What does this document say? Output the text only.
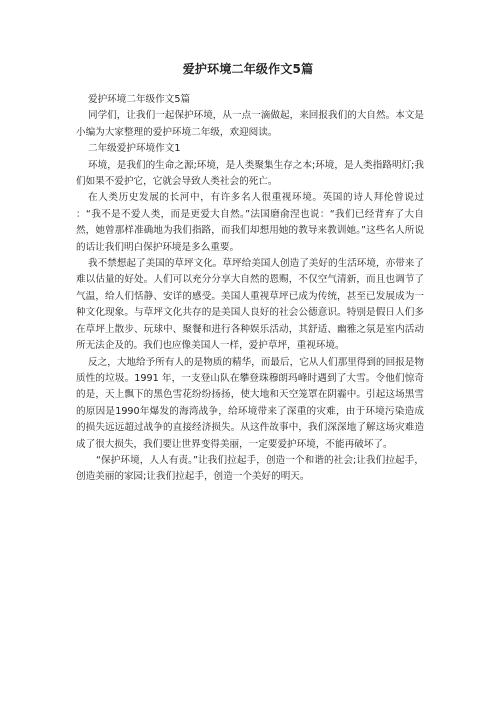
爱护环境二年级作文5篇

爱护环境二年级作文5篇

同学们，让我们一起保护环境，从一点一滴做起，来回报我们的大自然。本文是小编为大家整理的爱护环境二年级，欢迎阅读。

二年级爱护环境作文1

环境，是我们的生命之源;环境，是人类聚集生存之本;环境，是人类指路明灯;我们如果不爱护它，它就会导致人类社会的死亡。

在人类历史发展的长河中，有许多名人很重视环境。英国的诗人拜伦曾说过 ：“我不是不爱人类，而是更爱大自然。”法国磨俞涅也说：“我们已经背弃了大自然，她曾那样准确地为我们指路，而我们却想用她的教导来教训她。”这些名人所说的话让我们明白保护环境是多么重要。

我不禁想起了美国的草坪文化。草坪给美国人创造了美好的生活环境，亦带来了难以估量的好处。人们可以充分分享大自然的恩赐，不仅空气清新，而且也调节了气温，给人们恬静、安详的感受。美国人重视草坪已成为传统，甚至已发展成为一种文化现象。与草坪文化共存的是美国人良好的社会公德意识。特别是假日人们多在草坪上散步、玩球中、聚餐和进行各种娱乐活动，其舒适、幽雅之氛是室内活动所无法企及的。我们也应像美国人一样，爱护草坪，重视环境。

反之，大地给予所有人的是物质的精华，而最后，它从人们那里得到的回报是物质性的垃圾。1991 年，一支登山队在攀登珠穆朗玛峰时遇到了大雪。令他们惊奇的是，天上飘下的黑色雪花纷纷扬扬，使大地和天空笼罩在阴霾中。引起这场黑雪的原因是1990年爆发的海湾战争，给环境带来了深重的灾难，由于环境污染造成的损失远远超过战争的直接经济损失。从这件故事中，我们深深地了解这场灾难造成了很大损失，我们要让世界变得美丽，一定要爱护环境，不能再破坏了。

“保护环境，人人有责。”让我们拉起手，创造一个和谐的社会;让我们拉起手，创造美丽的家园;让我们拉起手，创造一个美好的明天。
